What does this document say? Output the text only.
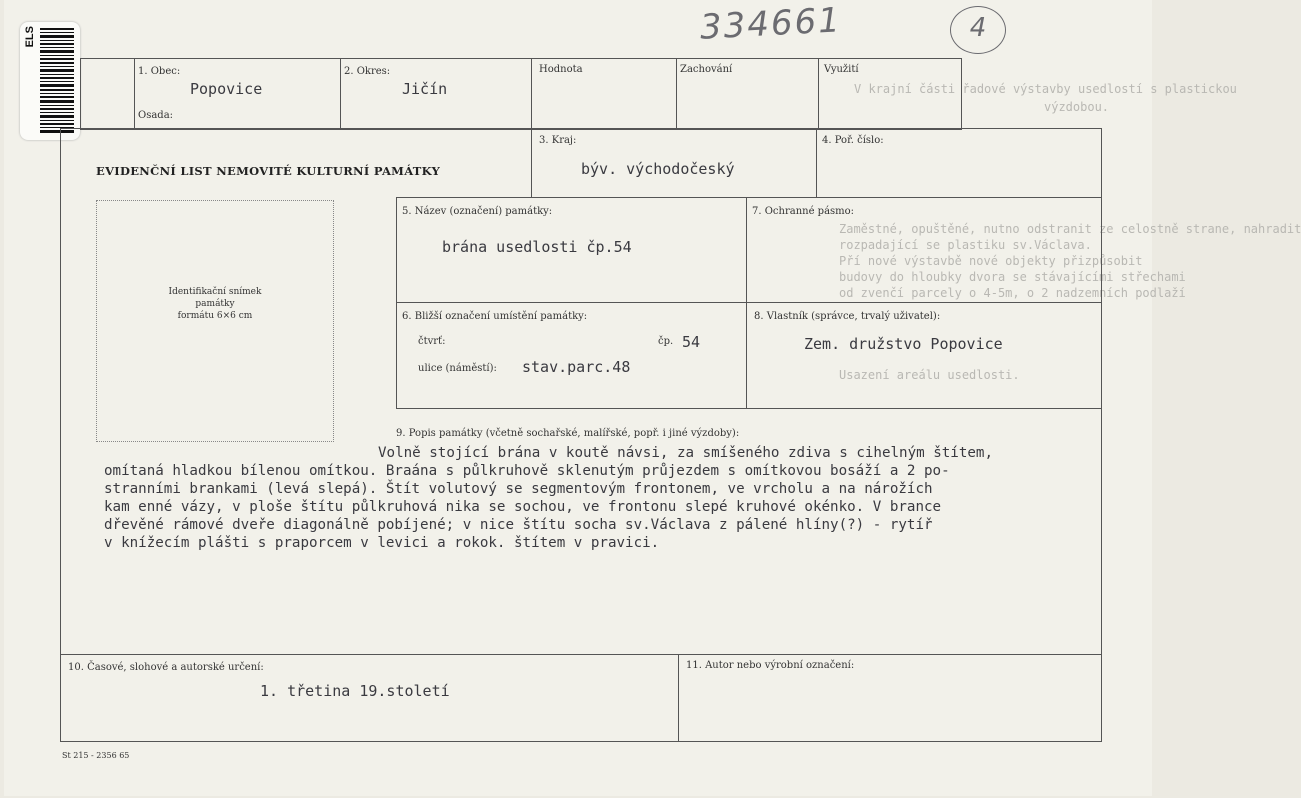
V krajní části řadové výstavby usedlostí s plastickou
výzdobou.
Zaměstné, opuštěné, nutno odstranit ze celostně strane, nahradit
rozpadající se plastiku sv.Václava.
Pří nové výstavbě nové objekty přizpůsobit
budovy do hloubky dvora se stávajícími střechami
od zvenčí parcely o 4-5m, o 2 nadzemních podlaží
Usazení areálu usedlosti.
334661	4
ELS
Identifikační snímek
památky
formátu 6×6 cm
1. Obec:
Popovice
Osada:
2. Okres:
Jičín
Hodnota	Zachování	Využití
EVIDENČNÍ LIST NEMOVITÉ KULTURNÍ PAMÁTKY
3. Kraj:
býv. východočeský
4. Poř. číslo:
5. Název (označení) památky:
brána usedlosti čp.54
7. Ochranné pásmo:
6. Bližší označení umístění památky:
čtvrť:	čp. 54
ulice (náměstí): stav.parc.48
8. Vlastník (správce, trvalý uživatel):
Zem. družstvo Popovice
9. Popis památky (včetně sochařské, malířské, popř. i jiné výzdoby):
Volně stojící brána v koutě návsi, za smíšeného zdiva s cihelným štítem,
omítaná hladkou bílenou omítkou. Braána s půlkruhově sklenutým průjezdem s omítkovou bosáží a 2 po-
stranními brankami (levá slepá). Štít volutový se segmentovým frontonem, ve vrcholu a na nárožích
kam enné vázy, v ploše štítu půlkruhová nika se sochou, ve frontonu slepé kruhové okénko. V brance
dřevěné rámové dveře diagonálně pobíjené; v nice štítu socha sv.Václava z pálené hlíny(?) - rytíř
v knížecím plášti s praporcem v levici a rokok. štítem v pravici.
10. Časové, slohové a autorské určení:
1. třetina 19.století
11. Autor nebo výrobní označení:
St 215 - 2356 65
